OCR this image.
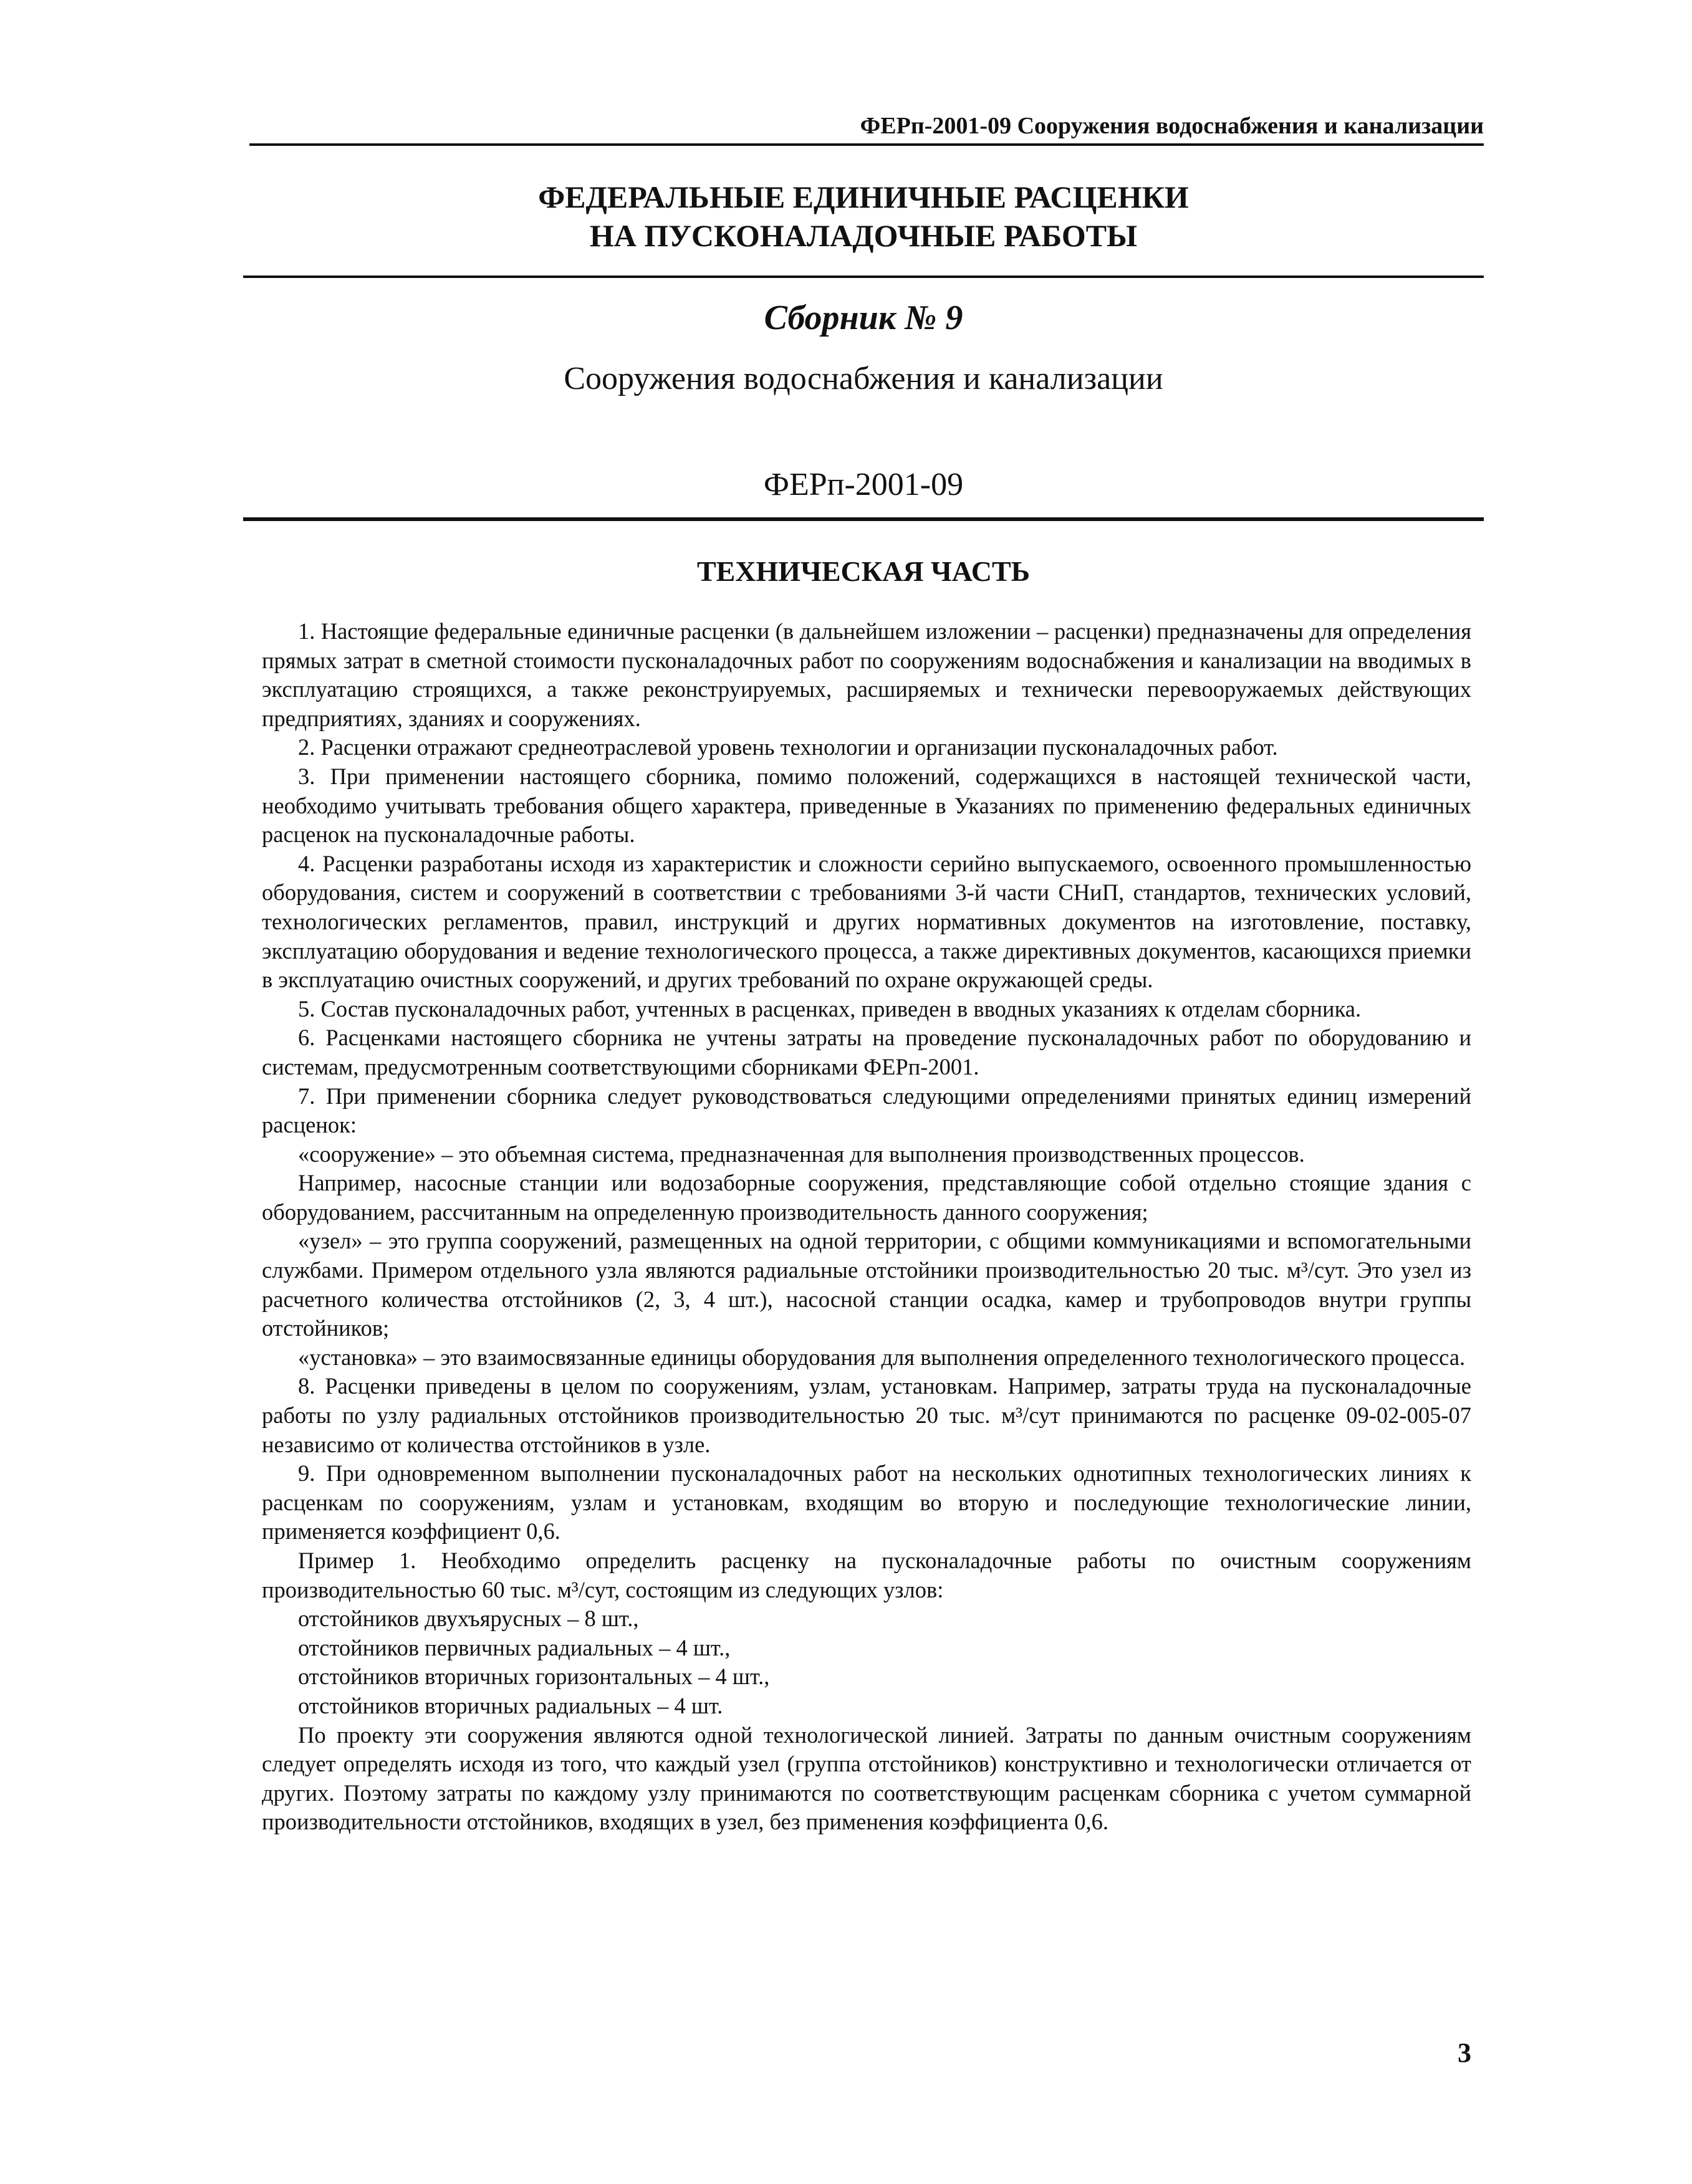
ФЕРп-2001-09 Сооружения водоснабжения и канализации
ФЕДЕРАЛЬНЫЕ ЕДИНИЧНЫЕ РАСЦЕНКИ
НА ПУСКОНАЛАДОЧНЫЕ РАБОТЫ
Сборник № 9
Сооружения водоснабжения и канализации
ФЕРп-2001-09
ТЕХНИЧЕСКАЯ ЧАСТЬ

1. Настоящие федеральные единичные расценки (в дальнейшем изложении – расценки) предназначены для определения прямых затрат в сметной стоимости пусконаладочных работ по сооружениям водоснабжения и канализации на вводимых в эксплуатацию строящихся, а также реконструируемых, расширяемых и технически перевооружаемых действующих предприятиях, зданиях и сооружениях.

2. Расценки отражают среднеотраслевой уровень технологии и организации пусконаладочных работ.

3. При применении настоящего сборника, помимо положений, содержащихся в настоящей технической части, необходимо учитывать требования общего характера, приведенные в Указаниях по применению федеральных единичных расценок на пусконаладочные работы.

4. Расценки разработаны исходя из характеристик и сложности серийно выпускаемого, освоенного промышленностью оборудования, систем и сооружений в соответствии с требованиями 3-й части СНиП, стандартов, технических условий, технологических регламентов, правил, инструкций и других нормативных документов на изготовление, поставку, эксплуатацию оборудования и ведение технологического процесса, а также директивных документов, касающихся приемки в эксплуатацию очистных сооружений, и других требований по охране окружающей среды.

5. Состав пусконаладочных работ, учтенных в расценках, приведен в вводных указаниях к отделам сборника.

6. Расценками настоящего сборника не учтены затраты на проведение пусконаладочных работ по оборудованию и системам, предусмотренным соответствующими сборниками ФЕРп-2001.

7. При применении сборника следует руководствоваться следующими определениями принятых единиц измерений расценок:

«сооружение» – это объемная система, предназначенная для выполнения производственных процессов.

Например, насосные станции или водозаборные сооружения, представляющие собой отдельно стоящие здания с оборудованием, рассчитанным на определенную производительность данного сооружения;

«узел» – это группа сооружений, размещенных на одной территории, с общими коммуникациями и вспомогательными службами. Примером отдельного узла являются радиальные отстойники производительностью 20 тыс. м³/сут. Это узел из расчетного количества отстойников (2, 3, 4 шт.), насосной станции осадка, камер и трубопроводов внутри группы отстойников;

«установка» – это взаимосвязанные единицы оборудования для выполнения определенного технологического процесса.

8. Расценки приведены в целом по сооружениям, узлам, установкам. Например, затраты труда на пусконаладочные работы по узлу радиальных отстойников производительностью 20 тыс. м³/сут принимаются по расценке 09-02-005-07 независимо от количества отстойников в узле.

9. При одновременном выполнении пусконаладочных работ на нескольких однотипных технологических линиях к расценкам по сооружениям, узлам и установкам, входящим во вторую и последующие технологические линии, применяется коэффициент 0,6.

Пример 1. Необходимо определить расценку на пусконаладочные работы по очистным сооружениям производительностью 60 тыс. м³/сут, состоящим из следующих узлов:

отстойников двухъярусных – 8 шт.,

отстойников первичных радиальных – 4 шт.,

отстойников вторичных горизонтальных – 4 шт.,

отстойников вторичных радиальных – 4 шт.

По проекту эти сооружения являются одной технологической линией. Затраты по данным очистным сооружениям следует определять исходя из того, что каждый узел (группа отстойников) конструктивно и технологически отличается от других. Поэтому затраты по каждому узлу принимаются по соответствующим расценкам сборника с учетом суммарной производительности отстойников, входящих в узел, без применения коэффициента 0,6.

3
